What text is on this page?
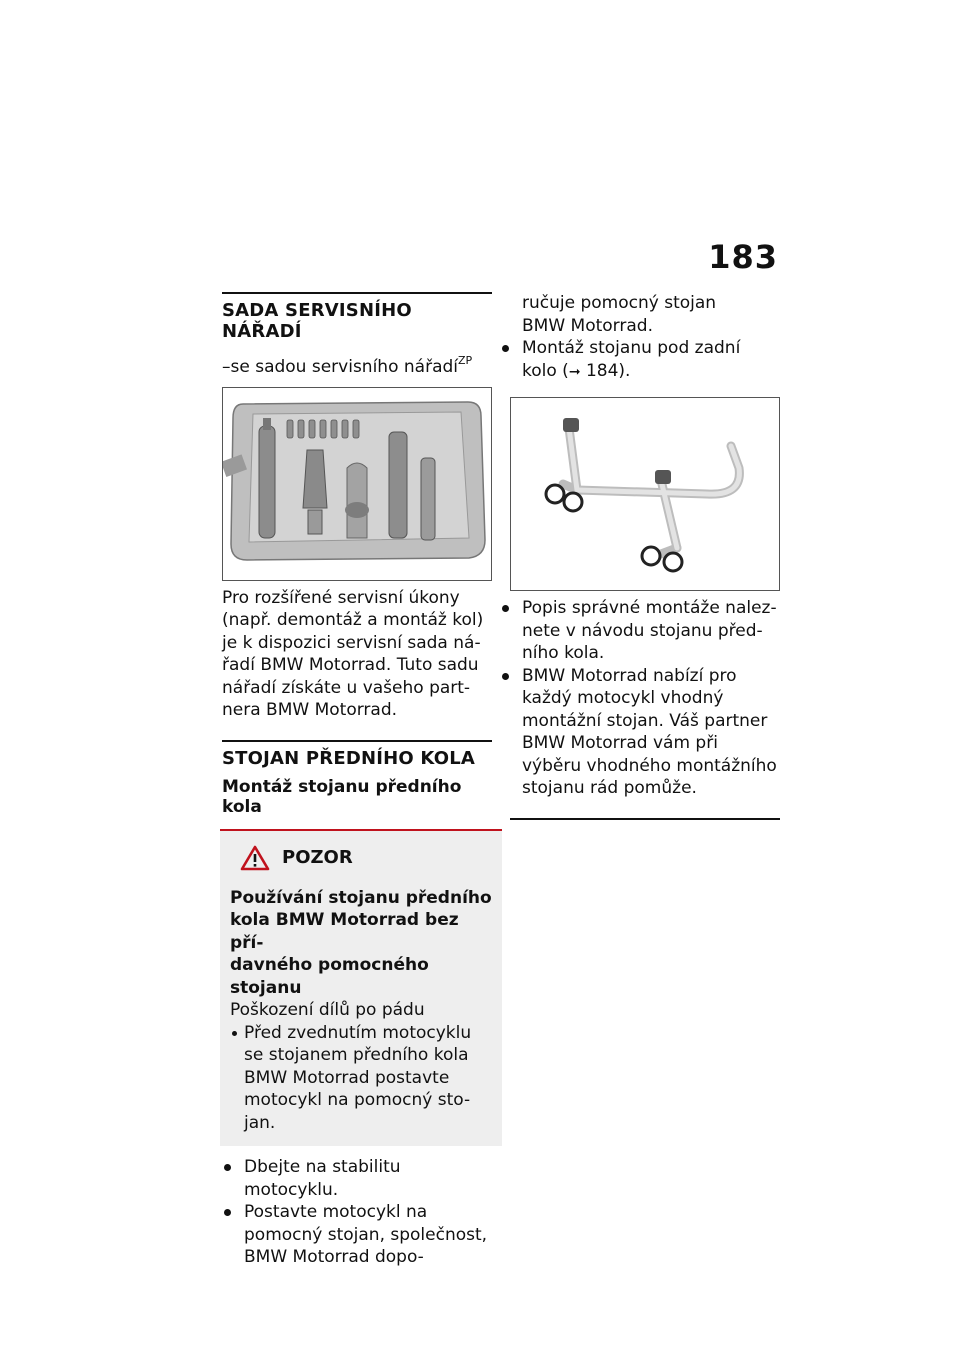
183
SADA SERVISNÍHO NÁŘADÍ
–se sadou servisního nářadí$^{ZP}$
Pro rozšířené servisní úkony
(např. demontáž a montáž kol)
je k dispozici servisní sada ná-
řadí BMW Motorrad. Tuto sadu
nářadí získáte u vašeho part-
nera BMW Motorrad.
STOJAN PŘEDNÍHO KOLA
Montáž stojanu předního kola
POZOR

Používání stojanu předního
kola BMW Motorrad bez pří-
davného pomocného stojanu

Poškození dílů po pádu

Před zvednutím motocyklu
se stojanem předního kola
BMW Motorrad postavte
motocykl na pomocný sto-
jan.
Dbejte na stabilitu motocyklu.
Postavte motocykl na
pomocný stojan, společnost,
BMW Motorrad dopo-
ručuje pomocný stojan
BMW Motorrad.
Montáž stojanu pod zadní
kolo (➞ 184).
Popis správné montáže nalez-
nete v návodu stojanu před-
ního kola.
BMW Motorrad nabízí pro
každý motocykl vhodný
montážní stojan. Váš partner
BMW Motorrad vám při
výběru vhodného montážního
stojanu rád pomůže.
